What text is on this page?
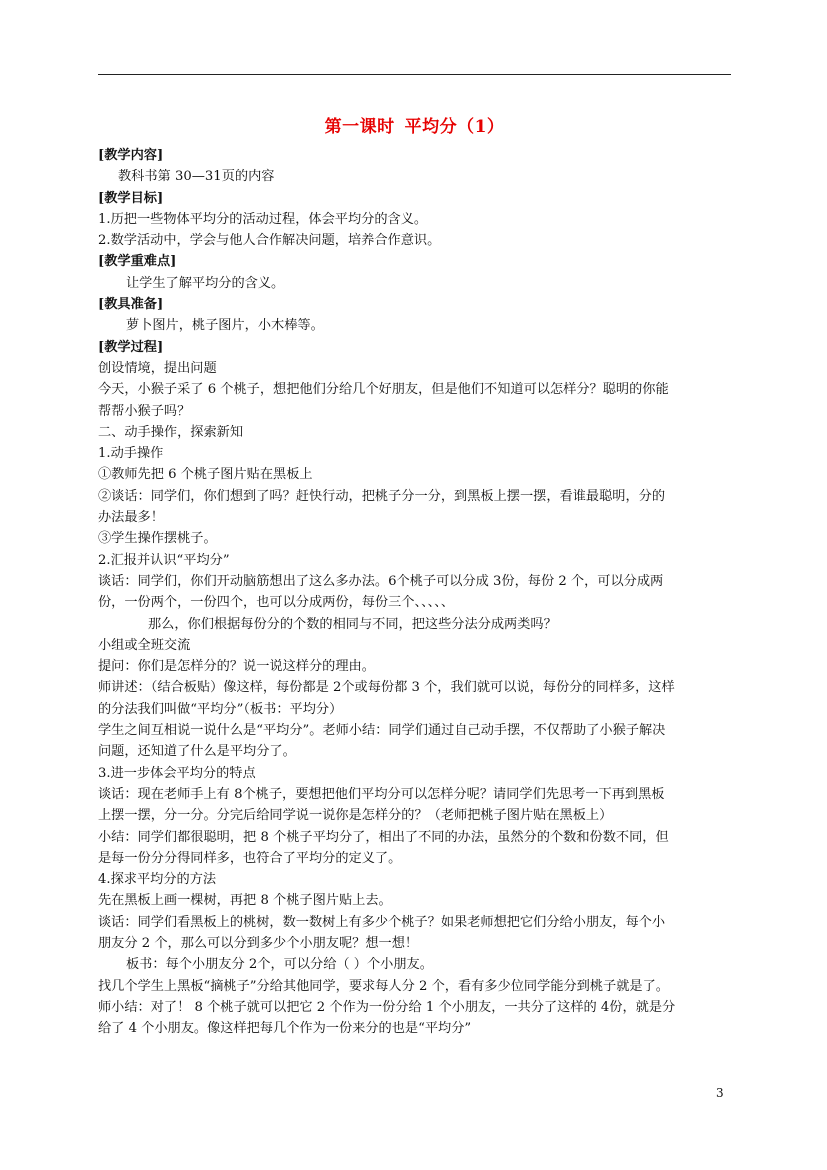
第一课时 平均分（1）
[教学内容]
教科书第 30—31页的内容
[教学目标]
1.历把一些物体平均分的活动过程，体会平均分的含义。
2.数学活动中，学会与他人合作解决问题，培养合作意识。
[教学重难点]
让学生了解平均分的含义。
[教具准备]
萝卜图片，桃子图片，小木棒等。
[教学过程]
创设情境，提出问题
今天，小猴子采了 6 个桃子，想把他们分给几个好朋友，但是他们不知道可以怎样分？聪明的你能
帮帮小猴子吗？
二、动手操作，探索新知
1.动手操作
①教师先把 6 个桃子图片贴在黑板上
②谈话：同学们，你们想到了吗？赶快行动，把桃子分一分，到黑板上摆一摆，看谁最聪明，分的
办法最多！
③学生操作摆桃子。
2.汇报并认识“平均分”
谈话：同学们，你们开动脑筋想出了这么多办法。6个桃子可以分成 3份，每份 2 个，可以分成两
份，一份两个，一份四个，也可以分成两份，每份三个、、、、、
那么，你们根据每份分的个数的相同与不同，把这些分法分成两类吗？
小组或全班交流
提问：你们是怎样分的？说一说这样分的理由。
师讲述：（结合板贴）像这样，每份都是 2个或每份都 3 个，我们就可以说，每份分的同样多，这样
的分法我们叫做“平均分”（板书：平均分）
学生之间互相说一说什么是“平均分”。老师小结：同学们通过自己动手摆，不仅帮助了小猴子解决
问题，还知道了什么是平均分了。
3.进一步体会平均分的特点
谈话：现在老师手上有 8个桃子，要想把他们平均分可以怎样分呢？请同学们先思考一下再到黑板
上摆一摆，分一分。分完后给同学说一说你是怎样分的？（老师把桃子图片贴在黑板上）
小结：同学们都很聪明，把 8 个桃子平均分了，相出了不同的办法，虽然分的个数和份数不同，但
是每一份分分得同样多，也符合了平均分的定义了。
4.探求平均分的方法
先在黑板上画一棵树，再把 8 个桃子图片贴上去。
谈话：同学们看黑板上的桃树，数一数树上有多少个桃子？如果老师想把它们分给小朋友，每个小
朋友分 2 个，那么可以分到多少个小朋友呢？想一想！
板书：每个小朋友分 2个，可以分给（ ）个小朋友。
找几个学生上黑板“摘桃子”分给其他同学，要求每人分 2 个，看有多少位同学能分到桃子就是了。
师小结：对了！ 8 个桃子就可以把它 2 个作为一份分给 1 个小朋友，一共分了这样的 4份，就是分
给了 4 个小朋友。像这样把每几个作为一份来分的也是“平均分”
3
